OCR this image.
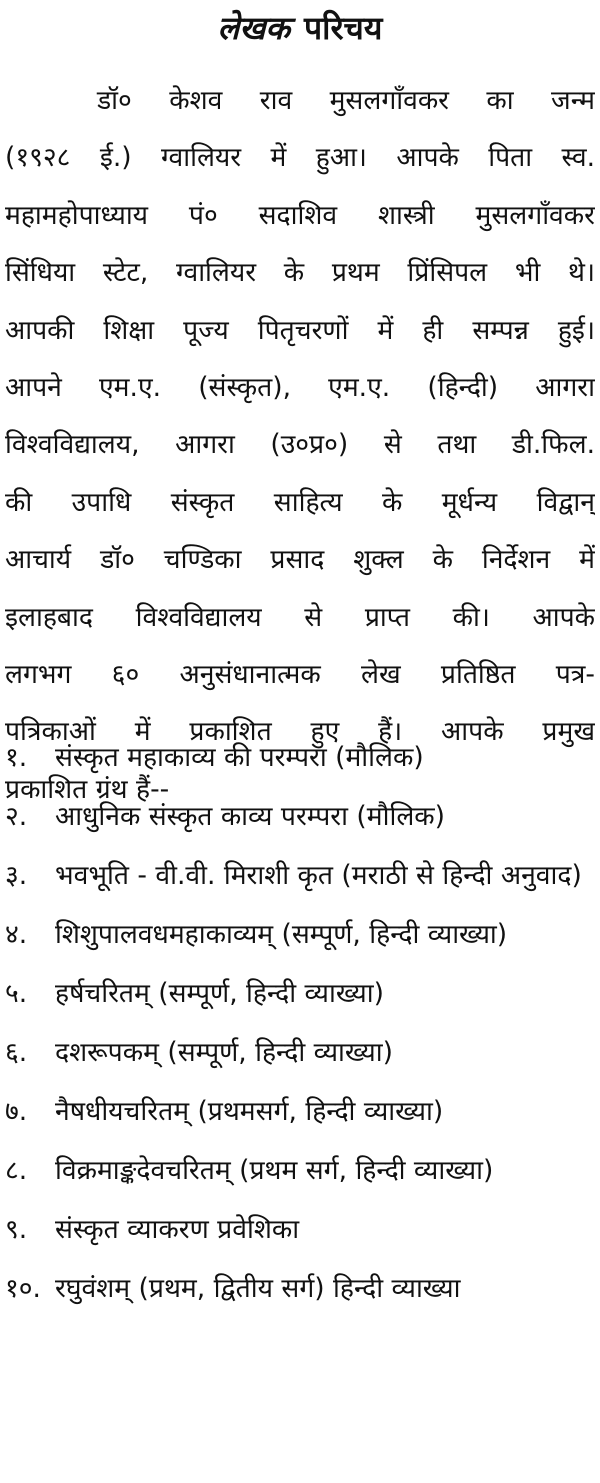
लेखक परिचय
डॉ० केशव राव मुसलगाँवकर का जन्म
(१९२८ ई.) ग्वालियर में हुआ। आपके पिता स्व.
महामहोपाध्याय पं० सदाशिव शास्त्री मुसलगाँवकर
सिंधिया स्टेट, ग्वालियर के प्रथम प्रिंसिपल भी थे।
आपकी शिक्षा पूज्य पितृचरणों में ही सम्पन्न हुई।
आपने एम.ए. (संस्कृत), एम.ए. (हिन्दी) आगरा
विश्वविद्यालय, आगरा (उ०प्र०) से तथा डी.फिल.
की उपाधि संस्कृत साहित्य के मूर्धन्य विद्वान्
आचार्य डॉ० चण्डिका प्रसाद शुक्ल के निर्देशन में
इलाहबाद विश्वविद्यालय से प्राप्त की। आपके
लगभग ६० अनुसंधानात्मक लेख प्रतिष्ठित पत्र-
पत्रिकाओं में प्रकाशित हुए हैं। आपके प्रमुख
प्रकाशित ग्रंथ हैं--
१. संस्कृत महाकाव्य की परम्परा (मौलिक)
२. आधुनिक संस्कृत काव्य परम्परा (मौलिक)
३. भवभूति - वी.वी. मिराशी कृत (मराठी से हिन्दी अनुवाद)
४. शिशुपालवधमहाकाव्यम् (सम्पूर्ण, हिन्दी व्याख्या)
५. हर्षचरितम् (सम्पूर्ण, हिन्दी व्याख्या)
६. दशरूपकम् (सम्पूर्ण, हिन्दी व्याख्या)
७. नैषधीयचरितम् (प्रथमसर्ग, हिन्दी व्याख्या)
८. विक्रमाङ्कदेवचरितम् (प्रथम सर्ग, हिन्दी व्याख्या)
९. संस्कृत व्याकरण प्रवेशिका
१०. रघुवंशम् (प्रथम, द्वितीय सर्ग) हिन्दी व्याख्या
